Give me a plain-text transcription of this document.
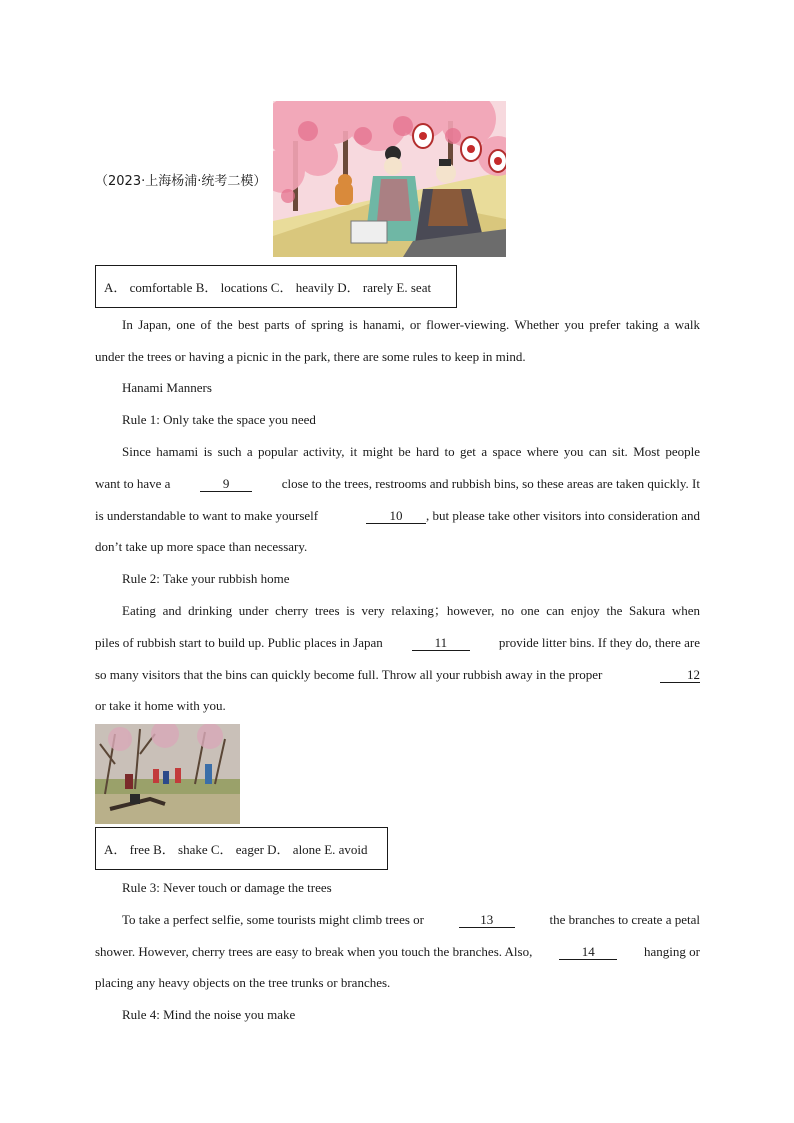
（2023·上海杨浦·统考二模）
A． comfortable B． locations C． heavily D． rarely E. seat
In Japan, one of the best parts of spring is hanami, or flower-viewing. Whether you prefer taking a walk
under the trees or having a picnic in the park, there are some rules to keep in mind.
Hanami Manners
Rule 1: Only take the space you need
Since hamami is such a popular activity, it might be hard to get a space where you can sit. Most people
want to have a	9	close to the trees, restrooms and rubbish bins, so these areas are taken quickly. It
is understandable to want to make yourself	10	, but please take other visitors into consideration and
don’t take up more space than necessary.
Rule 2: Take your rubbish home
Eating and drinking under cherry trees is very relaxing；however, no one can enjoy the Sakura when
piles of rubbish start to build up. Public places in Japan	11	provide litter bins. If they do, there are
so many visitors that the bins can quickly become full. Throw all your rubbish away in the proper	12
or take it home with you.
A． free B． shake C． eager D． alone E. avoid
Rule 3: Never touch or damage the trees
To take a perfect selfie, some tourists might climb trees or	13	the branches to create a petal
shower. However, cherry trees are easy to break when you touch the branches. Also,	14	hanging or
placing any heavy objects on the tree trunks or branches.
Rule 4: Mind the noise you make
